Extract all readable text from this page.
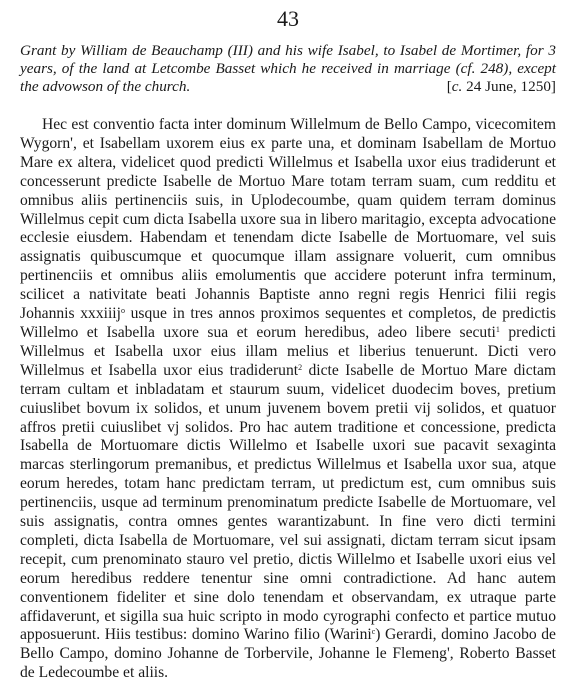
43
Grant by William de Beauchamp (III) and his wife Isabel, to Isabel de Mortimer, for 3 years, of the land at Letcombe Basset which he received in marriage (cf. 248), except the advowson of the church.	[c. 24 June, 1250]

Hec est conventio facta inter dominum Willelmum de Bello Campo, vicecomitem Wygorn', et Isabellam uxorem eius ex parte una, et dominam Isabellam de Mortuo Mare ex altera, videlicet quod predicti Willelmus et Isabella uxor eius tradiderunt et concesserunt predicte Isabelle de Mortuo Mare totam terram suam, cum redditu et omnibus aliis pertinenciis suis, in Uplodecoumbe, quam quidem terram dominus Willelmus cepit cum dicta Isabella uxore sua in libero maritagio, excepta advocatione ecclesie eiusdem. Habendam et tenendam dicte Isabelle de Mortuomare, vel suis assignatis quibuscumque et quocumque illam assignare voluerit, cum omnibus pertinenciis et omnibus aliis emolumentis que accidere poterunt infra terminum, scilicet a nativitate beati Johannis Baptiste anno regni regis Henrici filii regis Johannis xxxiiij$^o$ usque in tres annos proximos sequentes et completos, de predictis Willelmo et Isabella uxore sua et eorum heredibus, adeo libere secuti$^1$ predicti Willelmus et Isabella uxor eius illam melius et liberius tenuerunt. Dicti vero Willelmus et Isabella uxor eius tradiderunt$^2$ dicte Isabelle de Mortuo Mare dictam terram cultam et inbladatam et staurum suum, videlicet duodecim boves, pretium cuiuslibet bovum ix solidos, et unum juvenem bovem pretii vij solidos, et quatuor affros pretii cuiuslibet vj solidos. Pro hac autem traditione et concessione, predicta Isabella de Mortuomare dictis Willelmo et Isabelle uxori sue pacavit sexaginta marcas sterlingorum premanibus, et predictus Willelmus et Isabella uxor sua, atque eorum heredes, totam hanc predictam terram, ut predictum est, cum omnibus suis pertinenciis, usque ad terminum prenominatum predicte Isabelle de Mortuomare, vel suis assignatis, contra omnes gentes warantizabunt. In fine vero dicti termini completi, dicta Isabella de Mortuomare, vel sui assignati, dictam terram sicut ipsam recepit, cum prenominato stauro vel pretio, dictis Willelmo et Isabelle uxori eius vel eorum heredibus reddere tenentur sine omni contradictione. Ad hanc autem conventionem fideliter et sine dolo tenendam et observandam, ex utraque parte affidaverunt, et sigilla sua huic scripto in modo cyrographi confecto et partice mutuo apposuerunt. Hiis testibus: domino Warino filio (Warini$^c$) Gerardi, domino Jacobo de Bello Campo, domino Johanne de Torbervile, Johanne le Flemeng', Roberto Basset de Ledecoumbe et aliis.
